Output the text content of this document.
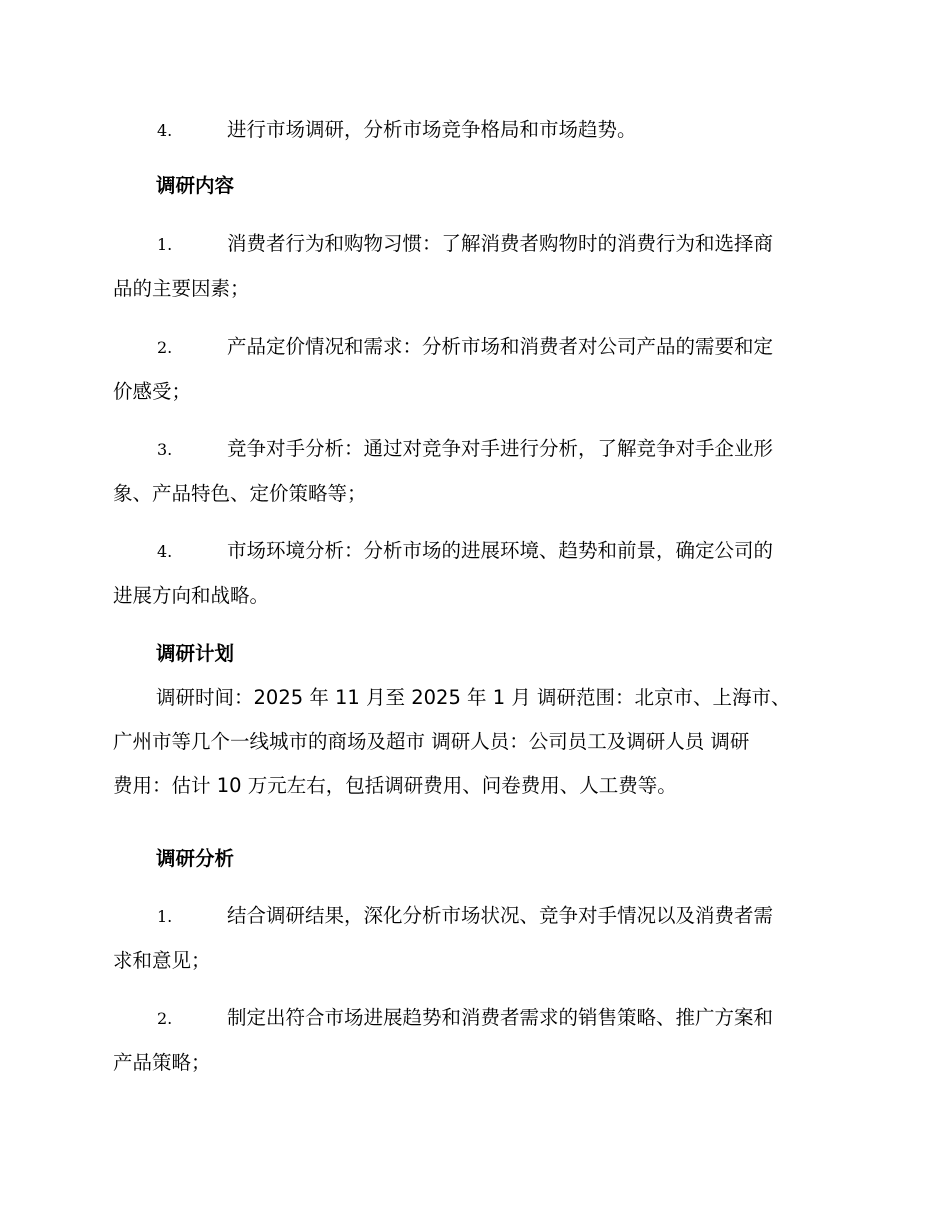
4.	进行市场调研，分析市场竞争格局和市场趋势。
调研内容
1.	消费者行为和购物习惯：了解消费者购物时的消费行为和选择商
品的主要因素；
2.	产品定价情况和需求：分析市场和消费者对公司产品的需要和定
价感受；
3.	竞争对手分析：通过对竞争对手进行分析，了解竞争对手企业形
象、产品特色、定价策略等；
4.	市场环境分析：分析市场的进展环境、趋势和前景，确定公司的
进展方向和战略。
调研计划
调研时间：2025 年 11 月至 2025 年 1 月 调研范围：北京市、上海市、
广州市等几个一线城市的商场及超市 调研人员：公司员工及调研人员 调研
费用：估计 10 万元左右，包括调研费用、问卷费用、人工费等。
调研分析
1.	结合调研结果，深化分析市场状况、竞争对手情况以及消费者需
求和意见；
2.	制定出符合市场进展趋势和消费者需求的销售策略、推广方案和
产品策略；
